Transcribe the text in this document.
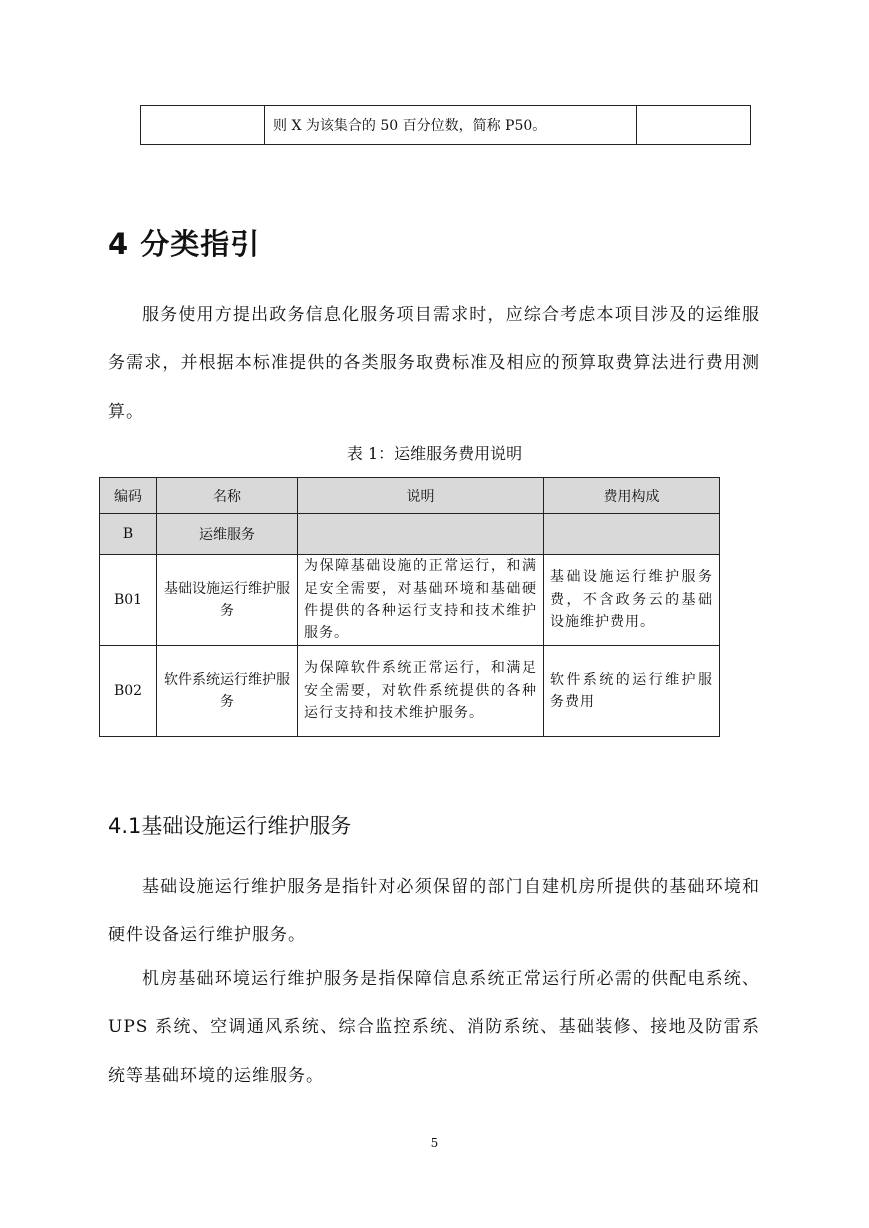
	则 X 为该集合的 50 百分位数，简称 P50。	
4 分类指引

服务使用方提出政务信息化服务项目需求时，应综合考虑本项目涉及的运维服务需求，并根据本标准提供的各类服务取费标准及相应的预算取费算法进行费用测算。

表 1：运维服务费用说明
编码	名称	说明	费用构成
B	运维服务		
B01	基础设施运行维护服务	为保障基础设施的正常运行，和满足安全需要，对基础环境和基础硬件提供的各种运行支持和技术维护服务。	基础设施运行维护服务费，不含政务云的基础设施维护费用。
B02	软件系统运行维护服务	为保障软件系统正常运行，和满足安全需要，对软件系统提供的各种运行支持和技术维护服务。	软件系统的运行维护服务费用
4.1基础设施运行维护服务

基础设施运行维护服务是指针对必须保留的部门自建机房所提供的基础环境和硬件设备运行维护服务。

机房基础环境运行维护服务是指保障信息系统正常运行所必需的供配电系统、UPS 系统、空调通风系统、综合监控系统、消防系统、基础装修、接地及防雷系统等基础环境的运维服务。

5
